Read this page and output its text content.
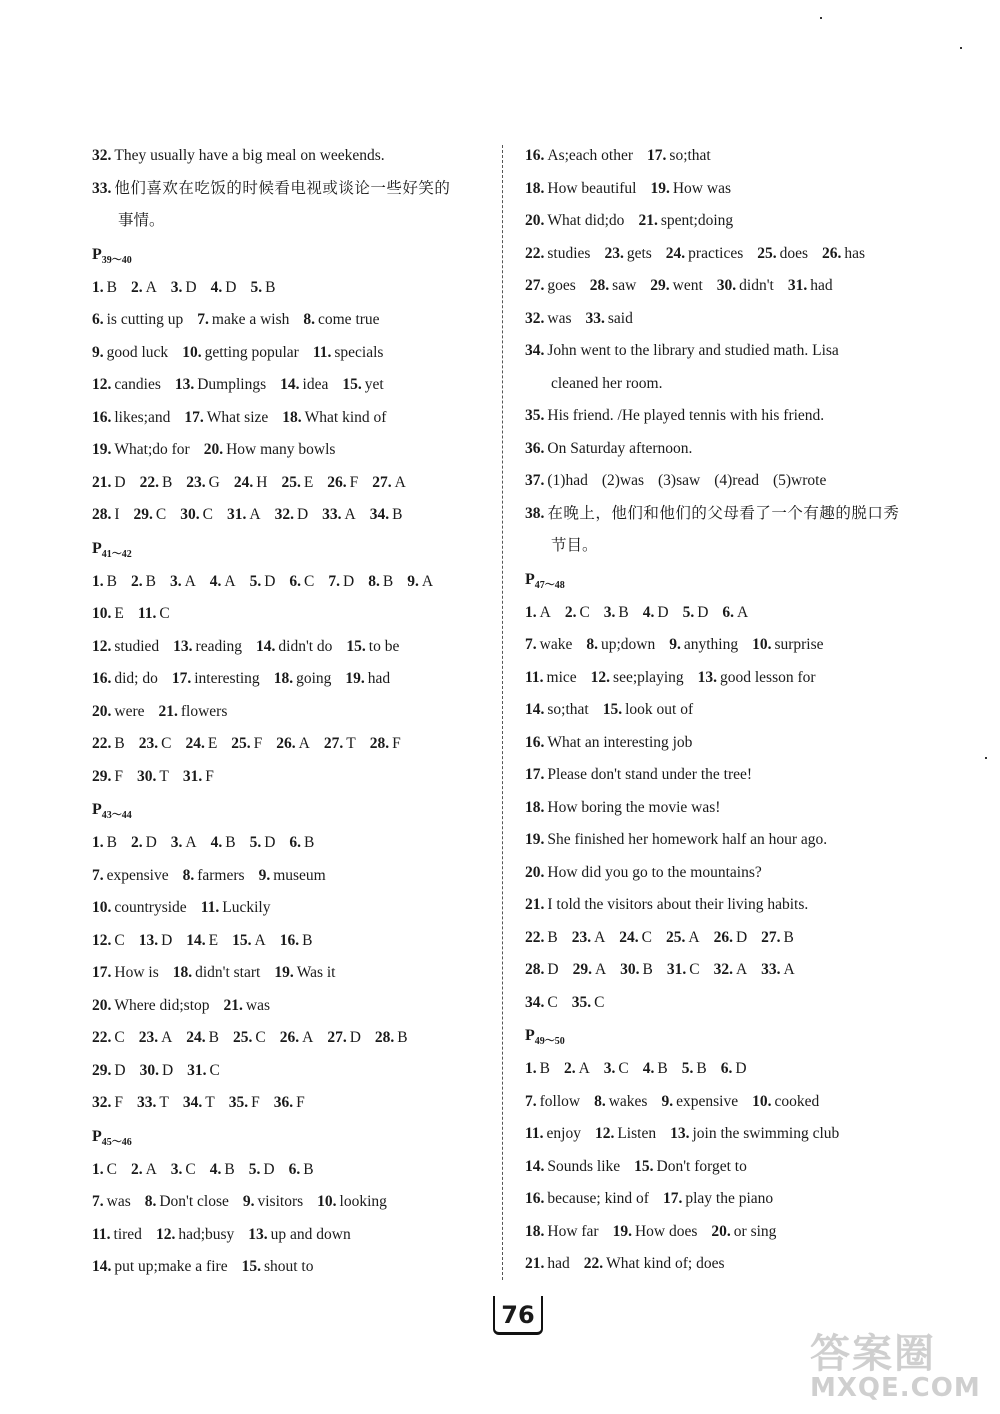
32. They usually have a big meal on weekends.
33. 他们喜欢在吃饭的时候看电视或谈论一些好笑的
事情。
$P_{39\sim 40}$
1. B 2. A 3. D 4. D 5. B
6. is cutting up 7. make a wish 8. come true
9. good luck 10. getting popular 11. specials
12. candies 13. Dumplings 14. idea 15. yet
16. likes;and 17. What size 18. What kind of
19. What;do for 20. How many bowls
21. D 22. B 23. G 24. H 25. E 26. F 27. A
28. I 29. C 30. C 31. A 32. D 33. A 34. B
$P_{41\sim 42}$
1. B 2. B 3. A 4. A 5. D 6. C 7. D 8. B 9. A
10. E 11. C
12. studied 13. reading 14. didn't do 15. to be
16. did; do 17. interesting 18. going 19. had
20. were 21. flowers
22. B 23. C 24. E 25. F 26. A 27. T 28. F
29. F 30. T 31. F
$P_{43\sim 44}$
1. B 2. D 3. A 4. B 5. D 6. B
7. expensive 8. farmers 9. museum
10. countryside 11. Luckily
12. C 13. D 14. E 15. A 16. B
17. How is 18. didn't start 19. Was it
20. Where did;stop 21. was
22. C 23. A 24. B 25. C 26. A 27. D 28. B
29. D 30. D 31. C
32. F 33. T 34. T 35. F 36. F
$P_{45\sim 46}$
1. C 2. A 3. C 4. B 5. D 6. B
7. was 8. Don't close 9. visitors 10. looking
11. tired 12. had;busy 13. up and down
14. put up;make a fire 15. shout to
16. As;each other 17. so;that
18. How beautiful 19. How was
20. What did;do 21. spent;doing
22. studies 23. gets 24. practices 25. does 26. has
27. goes 28. saw 29. went 30. didn't 31. had
32. was 33. said
34. John went to the library and studied math. Lisa
cleaned her room.
35. His friend. /He played tennis with his friend.
36. On Saturday afternoon.
37. (1)had (2)was (3)saw (4)read (5)wrote
38. 在晚上，他们和他们的父母看了一个有趣的脱口秀
节目。
$P_{47\sim 48}$
1. A 2. C 3. B 4. D 5. D 6. A
7. wake 8. up;down 9. anything 10. surprise
11. mice 12. see;playing 13. good lesson for
14. so;that 15. look out of
16. What an interesting job
17. Please don't stand under the tree!
18. How boring the movie was!
19. She finished her homework half an hour ago.
20. How did you go to the mountains?
21. I told the visitors about their living habits.
22. B 23. A 24. C 25. A 26. D 27. B
28. D 29. A 30. B 31. C 32. A 33. A
34. C 35. C
$P_{49\sim 50}$
1. B 2. A 3. C 4. B 5. B 6. D
7. follow 8. wakes 9. expensive 10. cooked
11. enjoy 12. Listen 13. join the swimming club
14. Sounds like 15. Don't forget to
16. because; kind of 17. play the piano
18. How far 19. How does 20. or sing
21. had 22. What kind of; does
76
答案圈
MXQE.COM
